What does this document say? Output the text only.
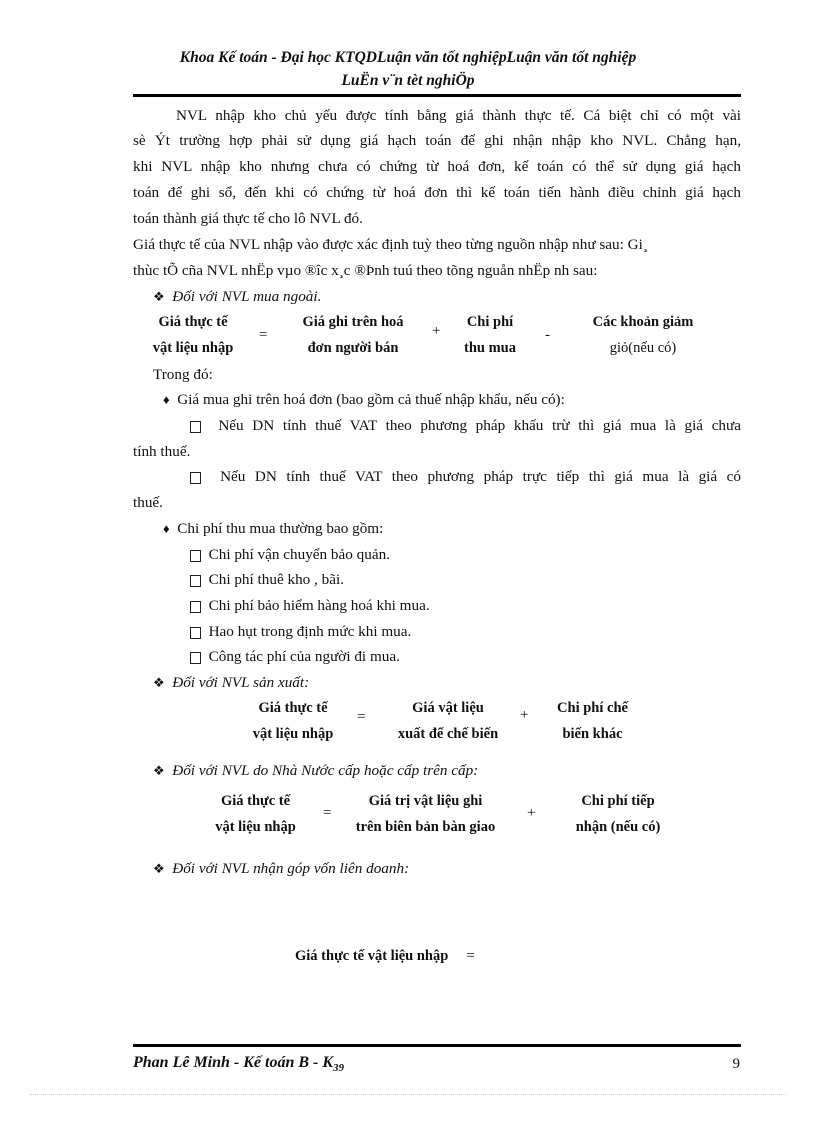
Khoa Kế toán - Đại học KTQDLuận văn tốt nghiệpLuận văn tốt nghiệp
LuËn v¨n tèt nghiÖp
NVL nhập kho chủ yếu được tính bằng giá thành thực tế. Cá biệt chỉ có một vài
sè Ýt trường hợp phải sử dụng giá hạch toán để ghi nhận nhập kho NVL. Chẳng hạn,
khi NVL nhập kho nhưng chưa có chứng từ hoá đơn, kế toán có thể sử dụng giá hạch
toán để ghi sổ, đến khi có chứng từ hoá đơn thì kế toán tiến hành điều chỉnh giá hạch
toán thành giá thực tế cho lô NVL đó.
Giá thực tế của NVL nhập vào được xác định tuỳ theo từng nguồn nhập như sau: Gi¸
thùc tÕ cña NVL nhËp vµo ®îc x¸c ®Þnh tuú theo tõng nguån nhËp nh sau:
❖ Đối với NVL mua ngoài.
Giá thực tế
vật liệu nhập
=
Giá ghi trên hoá
đơn người bán
+
Chi phí
thu mua
-
Các khoản giảm
giỏ(nếu có)
Trong đó:
♦ Giá mua ghi trên hoá đơn (bao gồm cả thuế nhập khẩu, nếu có):
Nếu DN tính thuế VAT theo phương pháp khấu trừ thì giá mua là giá chưa
tính thuế.
Nếu DN tính thuế VAT theo phương pháp trực tiếp thì giá mua là giá có
thuế.
♦ Chi phí thu mua thường bao gồm:
Chi phí vận chuyển bảo quản.
Chi phí thuê kho , bãi.
Chi phí bảo hiểm hàng hoá khi mua.
Hao hụt trong định mức khi mua.
Công tác phí của người đi mua.
❖ Đối với NVL sản xuất:
Giá thực tế
vật liệu nhập
=
Giá vật liệu
xuất để chế biến
+	Chi phí chế
biến khác
❖ Đối với NVL do Nhà Nước cấp hoặc cấp trên cấp:
Giá thực tế
vật liệu nhập
=
Giá trị vật liệu ghi
trên biên bản bàn giao
+
Chi phí tiếp
nhận (nếu có)
❖ Đối với NVL nhận góp vốn liên doanh:
Giá thực tế vật liệu nhập =
Phan Lê Minh - Kế toán B - $K_{39}$	9
